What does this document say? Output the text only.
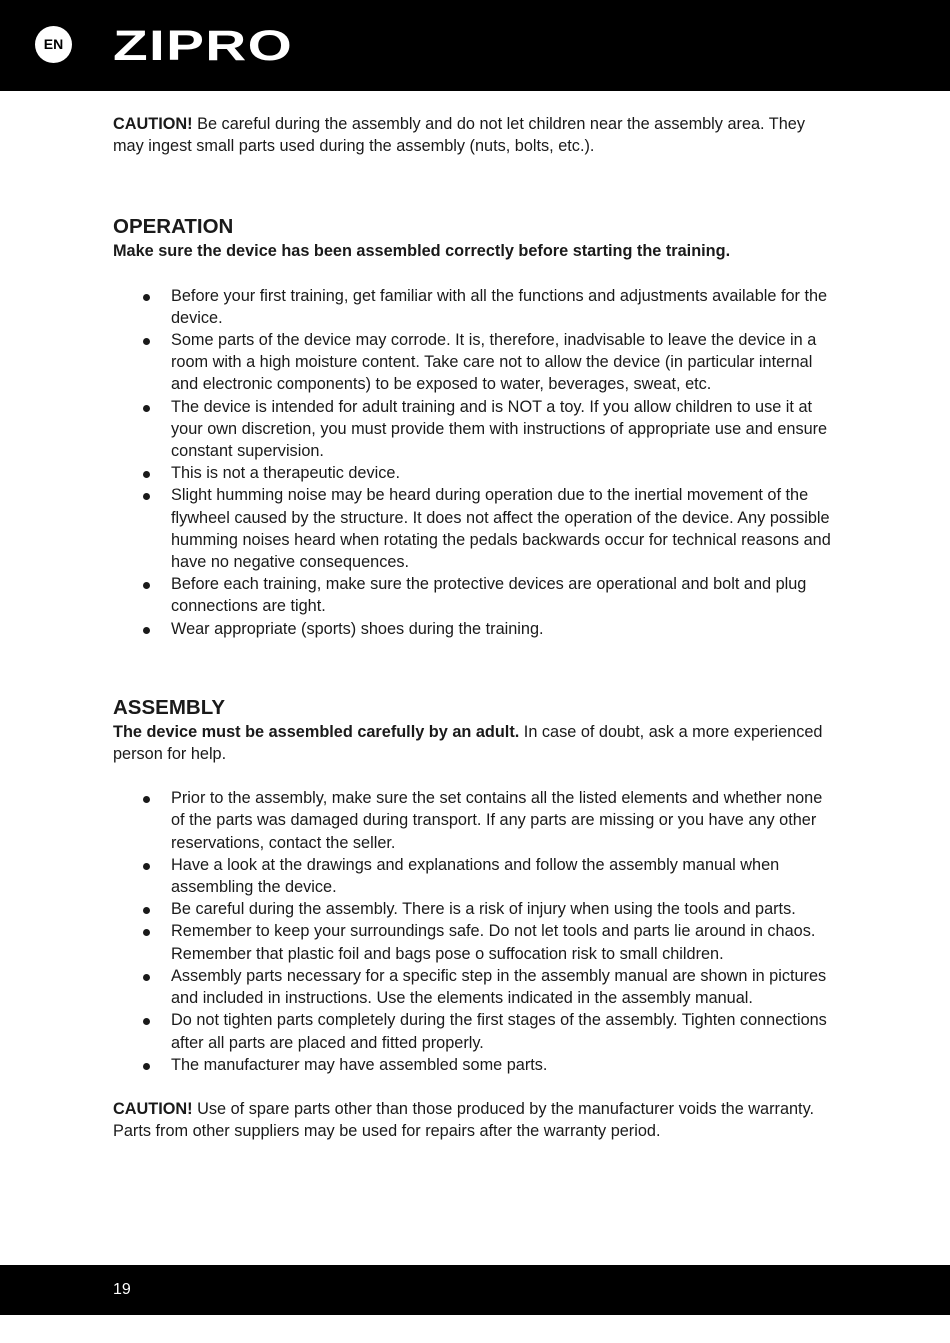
EN ZIPRO

CAUTION! Be careful during the assembly and do not let children near the assembly area. They may ingest small parts used during the assembly (nuts, bolts, etc.).

OPERATION

Make sure the device has been assembled correctly before starting the training.

Before your first training, get familiar with all the functions and adjustments available for the device.
Some parts of the device may corrode. It is, therefore, inadvisable to leave the device in a room with a high moisture content. Take care not to allow the device (in particular internal and electronic components) to be exposed to water, beverages, sweat, etc.
The device is intended for adult training and is NOT a toy. If you allow children to use it at your own discretion, you must provide them with instructions of appropriate use and ensure constant supervision.
This is not a therapeutic device.
Slight humming noise may be heard during operation due to the inertial movement of the flywheel caused by the structure. It does not affect the operation of the device. Any possible humming noises heard when rotating the pedals backwards occur for technical reasons and have no negative consequences.
Before each training, make sure the protective devices are operational and bolt and plug connections are tight.
Wear appropriate (sports) shoes during the training.
ASSEMBLY

The device must be assembled carefully by an adult. In case of doubt, ask a more experienced person for help.

Prior to the assembly, make sure the set contains all the listed elements and whether none of the parts was damaged during transport. If any parts are missing or you have any other reservations, contact the seller.
Have a look at the drawings and explanations and follow the assembly manual when assembling the device.
Be careful during the assembly. There is a risk of injury when using the tools and parts.
Remember to keep your surroundings safe. Do not let tools and parts lie around in chaos. Remember that plastic foil and bags pose o suffocation risk to small children.
Assembly parts necessary for a specific step in the assembly manual are shown in pictures and included in instructions. Use the elements indicated in the assembly manual.
Do not tighten parts completely during the first stages of the assembly. Tighten connections after all parts are placed and fitted properly.
The manufacturer may have assembled some parts.

CAUTION! Use of spare parts other than those produced by the manufacturer voids the warranty. Parts from other suppliers may be used for repairs after the warranty period.

19
